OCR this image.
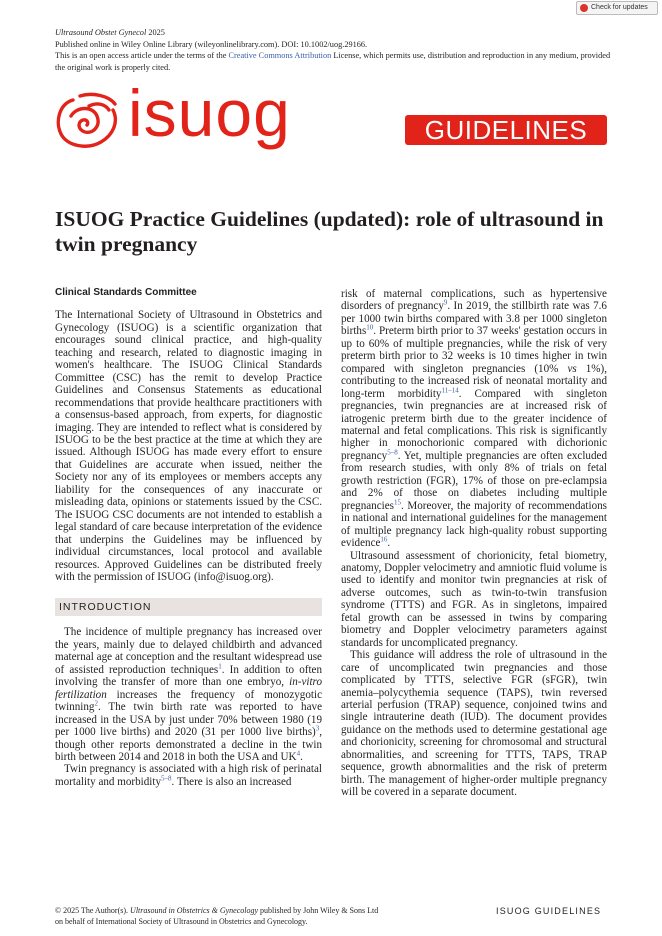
Check for updates
Ultrasound Obstet Gynecol 2025
Published online in Wiley Online Library (wileyonlinelibrary.com). DOI: 10.1002/uog.29166.
This is an open access article under the terms of the Creative Commons Attribution License, which permits use, distribution and reproduction in any medium, provided the original work is properly cited.
isuog	GUIDELINES
ISUOG Practice Guidelines (updated): role of ultrasound in twin pregnancy

Clinical Standards Committee

The International Society of Ultrasound in Obstetrics and Gynecology (ISUOG) is a scientific organization that encourages sound clinical practice, and high-quality teaching and research, related to diagnostic imaging in women's healthcare. The ISUOG Clinical Standards Committee (CSC) has the remit to develop Practice Guidelines and Consensus Statements as educational recommendations that provide healthcare practitioners with a consensus-based approach, from experts, for diagnostic imaging. They are intended to reflect what is considered by ISUOG to be the best practice at the time at which they are issued. Although ISUOG has made every effort to ensure that Guidelines are accurate when issued, neither the Society nor any of its employees or members accepts any liability for the consequences of any inaccurate or misleading data, opinions or statements issued by the CSC. The ISUOG CSC documents are not intended to establish a legal standard of care because interpretation of the evidence that underpins the Guidelines may be influenced by individual circumstances, local protocol and available resources. Approved Guidelines can be distributed freely with the permission of ISUOG (info@isuog.org).

INTRODUCTION

The incidence of multiple pregnancy has increased over the years, mainly due to delayed childbirth and advanced maternal age at conception and the resultant widespread use of assisted reproduction techniques$^1$. In addition to often involving the transfer of more than one embryo, in-vitro fertilization increases the frequency of monozygotic twinning$^2$. The twin birth rate was reported to have increased in the USA by just under 70% between 1980 (19 per 1000 live births) and 2020 (31 per 1000 live births)$^3$, though other reports demonstrated a decline in the twin birth between 2014 and 2018 in both the USA and $UK^4$.

Twin pregnancy is associated with a high risk of perinatal mortality and morbidity$^{5-8}$. There is also an increased

risk of maternal complications, such as hypertensive disorders of pregnancy$^9$. In 2019, the stillbirth rate was 7.6 per 1000 twin births compared with 3.8 per 1000 singleton births$^{10}$. Preterm birth prior to 37 weeks' gestation occurs in up to 60% of multiple pregnancies, while the risk of very preterm birth prior to 32 weeks is 10 times higher in twin compared with singleton pregnancies (10% vs 1%), contributing to the increased risk of neonatal mortality and long-term morbidity$^{11-14}$. Compared with singleton pregnancies, twin pregnancies are at increased risk of iatrogenic preterm birth due to the greater incidence of maternal and fetal complications. This risk is significantly higher in monochorionic compared with dichorionic pregnancy$^{5-8}$. Yet, multiple pregnancies are often excluded from research studies, with only 8% of trials on fetal growth restriction (FGR), 17% of those on pre-eclampsia and 2% of those on diabetes including multiple pregnancies$^{15}$. Moreover, the majority of recommendations in national and international guidelines for the management of multiple pregnancy lack high-quality robust supporting evidence$^{16}$.

Ultrasound assessment of chorionicity, fetal biometry, anatomy, Doppler velocimetry and amniotic fluid volume is used to identify and monitor twin pregnancies at risk of adverse outcomes, such as twin-to-twin transfusion syndrome (TTTS) and FGR. As in singletons, impaired fetal growth can be assessed in twins by comparing biometry and Doppler velocimetry parameters against standards for uncomplicated pregnancy.

This guidance will address the role of ultrasound in the care of uncomplicated twin pregnancies and those complicated by TTTS, selective FGR (sFGR), twin anemia–polycythemia sequence (TAPS), twin reversed arterial perfusion (TRAP) sequence, conjoined twins and single intrauterine death (IUD). The document provides guidance on the methods used to determine gestational age and chorionicity, screening for chromosomal and structural abnormalities, and screening for TTTS, TAPS, TRAP sequence, growth abnormalities and the risk of preterm birth. The management of higher-order multiple pregnancy will be covered in a separate document.

© 2025 The Author(s). Ultrasound in Obstetrics & Gynecology published by John Wiley & Sons Ltd
on behalf of International Society of Ultrasound in Obstetrics and Gynecology.
ISUOG GUIDELINES
